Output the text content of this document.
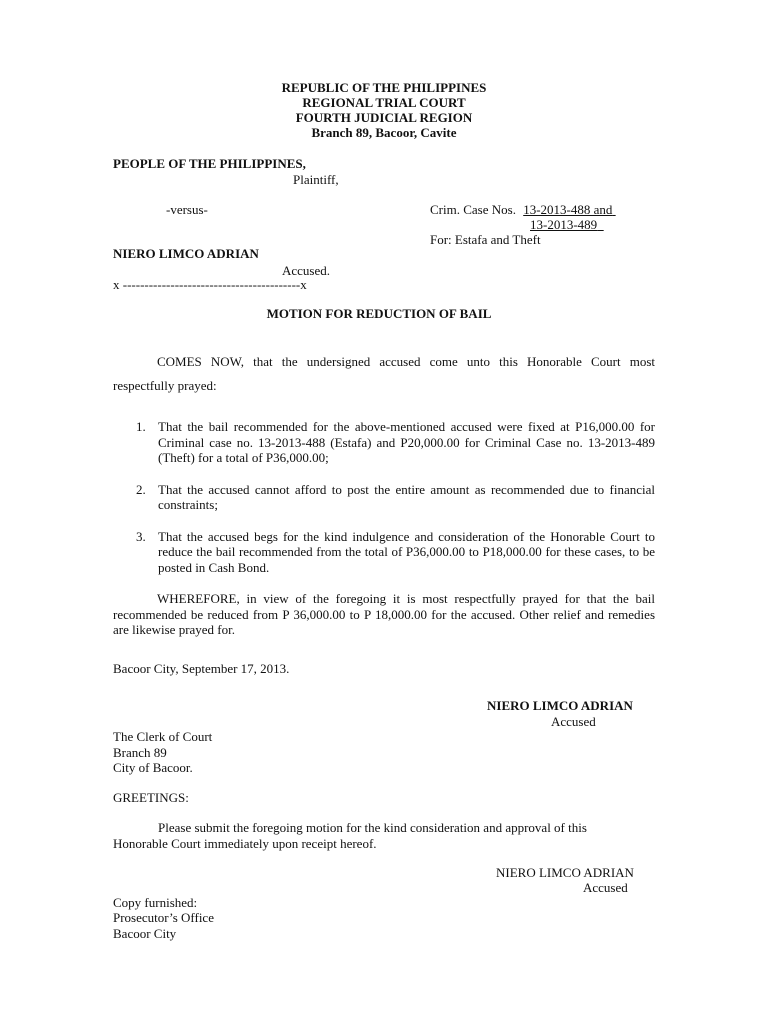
REPUBLIC OF THE PHILIPPINES
REGIONAL TRIAL COURT
FOURTH JUDICIAL REGION
Branch 89, Bacoor, Cavite
PEOPLE OF THE PHILIPPINES,
Plaintiff,
-versus-	Crim. Case Nos. 13-2013-488 and
13-2013-489
For: Estafa and Theft
NIERO LIMCO ADRIAN
Accused.
x -----------------------------------------x
MOTION FOR REDUCTION OF BAIL
COMES NOW, that the undersigned accused come unto this Honorable Court most respectfully prayed:
1. That the bail recommended for the above-mentioned accused were fixed at P16,000.00 for Criminal case no. 13-2013-488 (Estafa) and P20,000.00 for Criminal Case no. 13-2013-489 (Theft) for a total of P36,000.00;
2. That the accused cannot afford to post the entire amount as recommended due to financial constraints;
3. That the accused begs for the kind indulgence and consideration of the Honorable Court to reduce the bail recommended from the total of P36,000.00 to P18,000.00 for these cases, to be posted in Cash Bond.
WHEREFORE, in view of the foregoing it is most respectfully prayed for that the bail recommended be reduced from P 36,000.00 to P 18,000.00 for the accused. Other relief and remedies are likewise prayed for.
Bacoor City, September 17, 2013.
NIERO LIMCO ADRIAN
Accused
The Clerk of Court
Branch 89
City of Bacoor.
GREETINGS:
Please submit the foregoing motion for the kind consideration and approval of this Honorable Court immediately upon receipt hereof.
NIERO LIMCO ADRIAN
Accused
Copy furnished:
Prosecutor’s Office
Bacoor City
